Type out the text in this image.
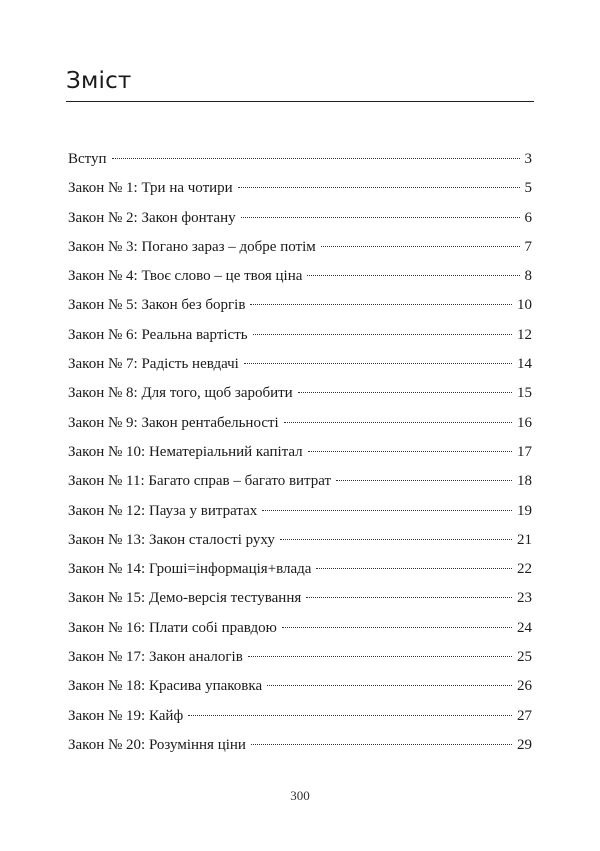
Зміст
Вступ	3
Закон № 1: Три на чотири	5
Закон № 2: Закон фонтану	6
Закон № 3: Погано зараз – добре потім	7
Закон № 4: Твоє слово – це твоя ціна	8
Закон № 5: Закон без боргів	10
Закон № 6: Реальна вартість	12
Закон № 7: Радість невдачі	14
Закон № 8: Для того, щоб заробити	15
Закон № 9: Закон рентабельності	16
Закон № 10: Нематеріальний капітал	17
Закон № 11: Багато справ – багато витрат	18
Закон № 12: Пауза у витратах	19
Закон № 13: Закон сталості руху	21
Закон № 14: Гроші=інформація+влада	22
Закон № 15: Демо-версія тестування	23
Закон № 16: Плати собі правдою	24
Закон № 17: Закон аналогів	25
Закон № 18: Красива упаковка	26
Закон № 19: Кайф	27
Закон № 20: Розуміння ціни	29
300
